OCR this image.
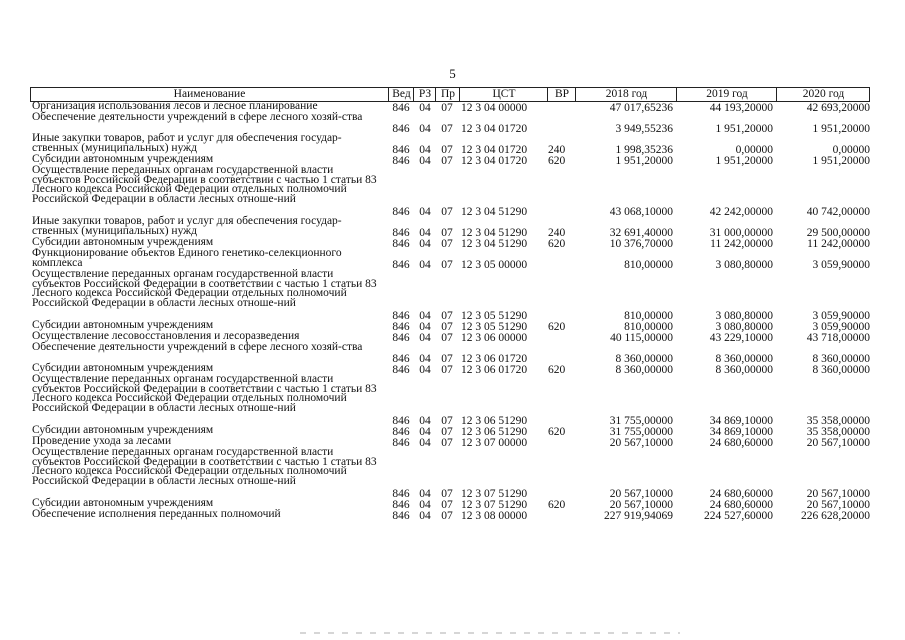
5
Наименование	Вед РЗ Пр	ЦСТ	ВР	2018 год	2019 год	2020 год
Организация использования лесов и лесное планирование	846 04 07 12 3 04 00000	47 017,65236	44 193,20000	42 693,20000
Обеспечение деятельности учреждений в сфере лесного хозяй-ства
846 04 07 12 3 04 01720	3 949,55236	1 951,20000	1 951,20000
Иные закупки товаров, работ и услуг для обеспечения государ-ственных (муниципальных) нужд	846 04 07 12 3 04 01720	240	1 998,35236	0,00000	0,00000
Субсидии автономным учреждениям	846 04 07 12 3 04 01720	620	1 951,20000	1 951,20000	1 951,20000
Осуществление переданных органам государственной власти субъектов Российской Федерации в соответствии с частью 1 статьи 83 Лесного кодекса Российской Федерации отдельных полномочий Российской Федерации в области лесных отноше-ний
846 04 07 12 3 04 51290	43 068,10000	42 242,00000	40 742,00000
Иные закупки товаров, работ и услуг для обеспечения государ-ственных (муниципальных) нужд	846 04 07 12 3 04 51290	240	32 691,40000	31 000,00000	29 500,00000
Субсидии автономным учреждениям	846 04 07 12 3 04 51290	620	10 376,70000	11 242,00000	11 242,00000
Функционирование объектов Единого генетико-селекционного комплекса	846 04 07 12 3 05 00000	810,00000	3 080,80000	3 059,90000
Осуществление переданных органам государственной власти субъектов Российской Федерации в соответствии с частью 1 статьи 83 Лесного кодекса Российской Федерации отдельных полномочий Российской Федерации в области лесных отноше-ний
846 04 07 12 3 05 51290	810,00000	3 080,80000	3 059,90000
Субсидии автономным учреждениям	846 04 07 12 3 05 51290	620	810,00000	3 080,80000	3 059,90000
Осуществление лесовосстановления и лесоразведения	846 04 07 12 3 06 00000	40 115,00000	43 229,10000	43 718,00000
Обеспечение деятельности учреждений в сфере лесного хозяй-ства
846 04 07 12 3 06 01720	8 360,00000	8 360,00000	8 360,00000
Субсидии автономным учреждениям	846 04 07 12 3 06 01720	620	8 360,00000	8 360,00000	8 360,00000
Осуществление переданных органам государственной власти субъектов Российской Федерации в соответствии с частью 1 статьи 83 Лесного кодекса Российской Федерации отдельных полномочий Российской Федерации в области лесных отноше-ний
846 04 07 12 3 06 51290	31 755,00000	34 869,10000	35 358,00000
Субсидии автономным учреждениям	846 04 07 12 3 06 51290	620	31 755,00000	34 869,10000	35 358,00000
Проведение ухода за лесами	846 04 07 12 3 07 00000	20 567,10000	24 680,60000	20 567,10000
Осуществление переданных органам государственной власти субъектов Российской Федерации в соответствии с частью 1 статьи 83 Лесного кодекса Российской Федерации отдельных полномочий Российской Федерации в области лесных отноше-ний
846 04 07 12 3 07 51290	20 567,10000	24 680,60000	20 567,10000
Субсидии автономным учреждениям	846 04 07 12 3 07 51290	620	20 567,10000	24 680,60000	20 567,10000
Обеспечение исполнения переданных полномочий	846 04 07 12 3 08 00000	227 919,94069	224 527,60000	226 628,20000
